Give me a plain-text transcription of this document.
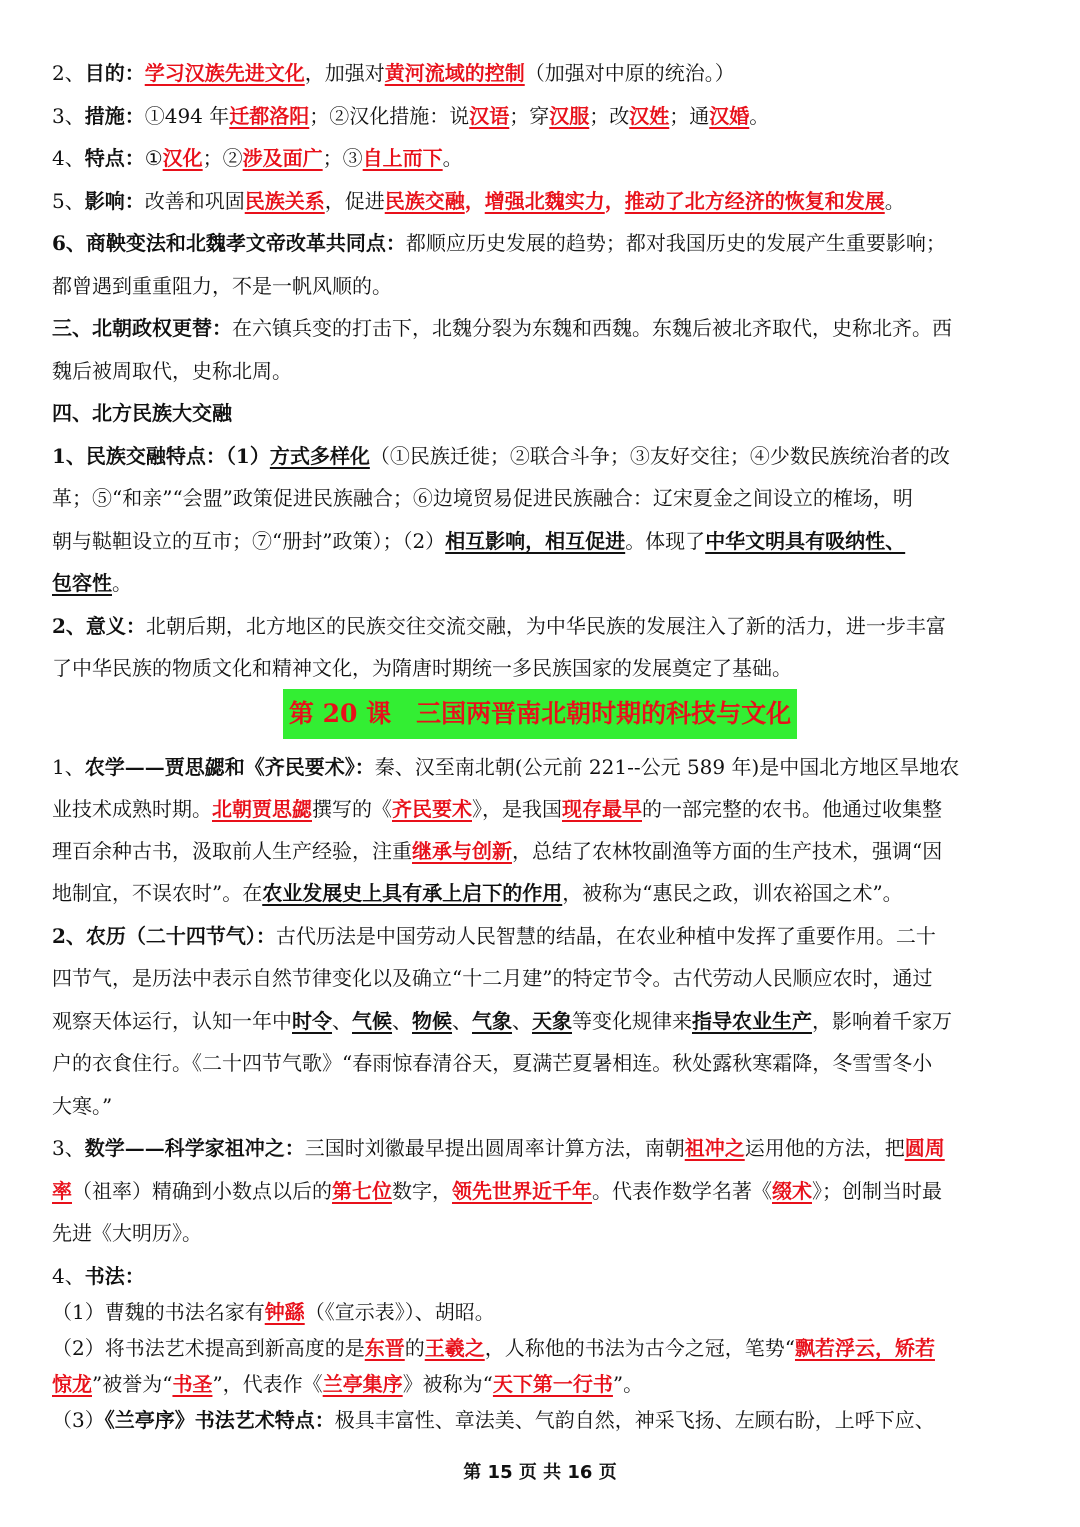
2、目的：学习汉族先进文化，加强对黄河流域的控制（加强对中原的统治。）
3、措施：①494 年迁都洛阳；②汉化措施：说汉语；穿汉服；改汉姓；通汉婚。
4、特点：①汉化；②涉及面广；③自上而下。
5、影响：改善和巩固民族关系，促进民族交融，增强北魏实力，推动了北方经济的恢复和发展。
6、商鞅变法和北魏孝文帝改革共同点：都顺应历史发展的趋势；都对我国历史的发展产生重要影响；
都曾遇到重重阻力，不是一帆风顺的。
三、北朝政权更替：在六镇兵变的打击下，北魏分裂为东魏和西魏。东魏后被北齐取代，史称北齐。西
魏后被周取代，史称北周。
四、北方民族大交融
1、民族交融特点：（1）方式多样化（①民族迁徙；②联合斗争；③友好交往；④少数民族统治者的改
革；⑤“和亲”“会盟”政策促进民族融合；⑥边境贸易促进民族融合：辽宋夏金之间设立的榷场，明
朝与鞑靼设立的互市；⑦“册封”政策）；（2）相互影响，相互促进。体现了中华文明具有吸纳性、
包容性。
2、意义：北朝后期，北方地区的民族交往交流交融，为中华民族的发展注入了新的活力，进一步丰富
了中华民族的物质文化和精神文化，为隋唐时期统一多民族国家的发展奠定了基础。
第 20 课　三国两晋南北朝时期的科技与文化
1、农学——贾思勰和《齐民要术》：秦、汉至南北朝(公元前 221--公元 589 年)是中国北方地区旱地农
业技术成熟时期。北朝贾思勰撰写的《齐民要术》，是我国现存最早的一部完整的农书。他通过收集整
理百余种古书，汲取前人生产经验，注重继承与创新，总结了农林牧副渔等方面的生产技术，强调“因
地制宜，不误农时”。在农业发展史上具有承上启下的作用，被称为“惠民之政，训农裕国之术”。
2、农历（二十四节气）：古代历法是中国劳动人民智慧的结晶，在农业种植中发挥了重要作用。二十
四节气，是历法中表示自然节律变化以及确立“十二月建”的特定节令。古代劳动人民顺应农时，通过
观察天体运行，认知一年中时令、气候、物候、气象、天象等变化规律来指导农业生产，影响着千家万
户的衣食住行。《二十四节气歌》“春雨惊春清谷天，夏满芒夏暑相连。秋处露秋寒霜降，冬雪雪冬小
大寒。”
3、数学——科学家祖冲之：三国时刘徽最早提出圆周率计算方法，南朝祖冲之运用他的方法，把圆周
率（祖率）精确到小数点以后的第七位数字，领先世界近千年。代表作数学名著《缀术》；创制当时最
先进《大明历》。
4、书法：
（1）曹魏的书法名家有钟繇（《宣示表》）、胡昭。
（2）将书法艺术提高到新高度的是东晋的王羲之，人称他的书法为古今之冠，笔势“飘若浮云，矫若
惊龙”被誉为“书圣”，代表作《兰亭集序》被称为“天下第一行书”。
（3）《兰亭序》书法艺术特点：极具丰富性、章法美、气韵自然，神采飞扬、左顾右盼，上呼下应、
第 15 页 共 16 页
